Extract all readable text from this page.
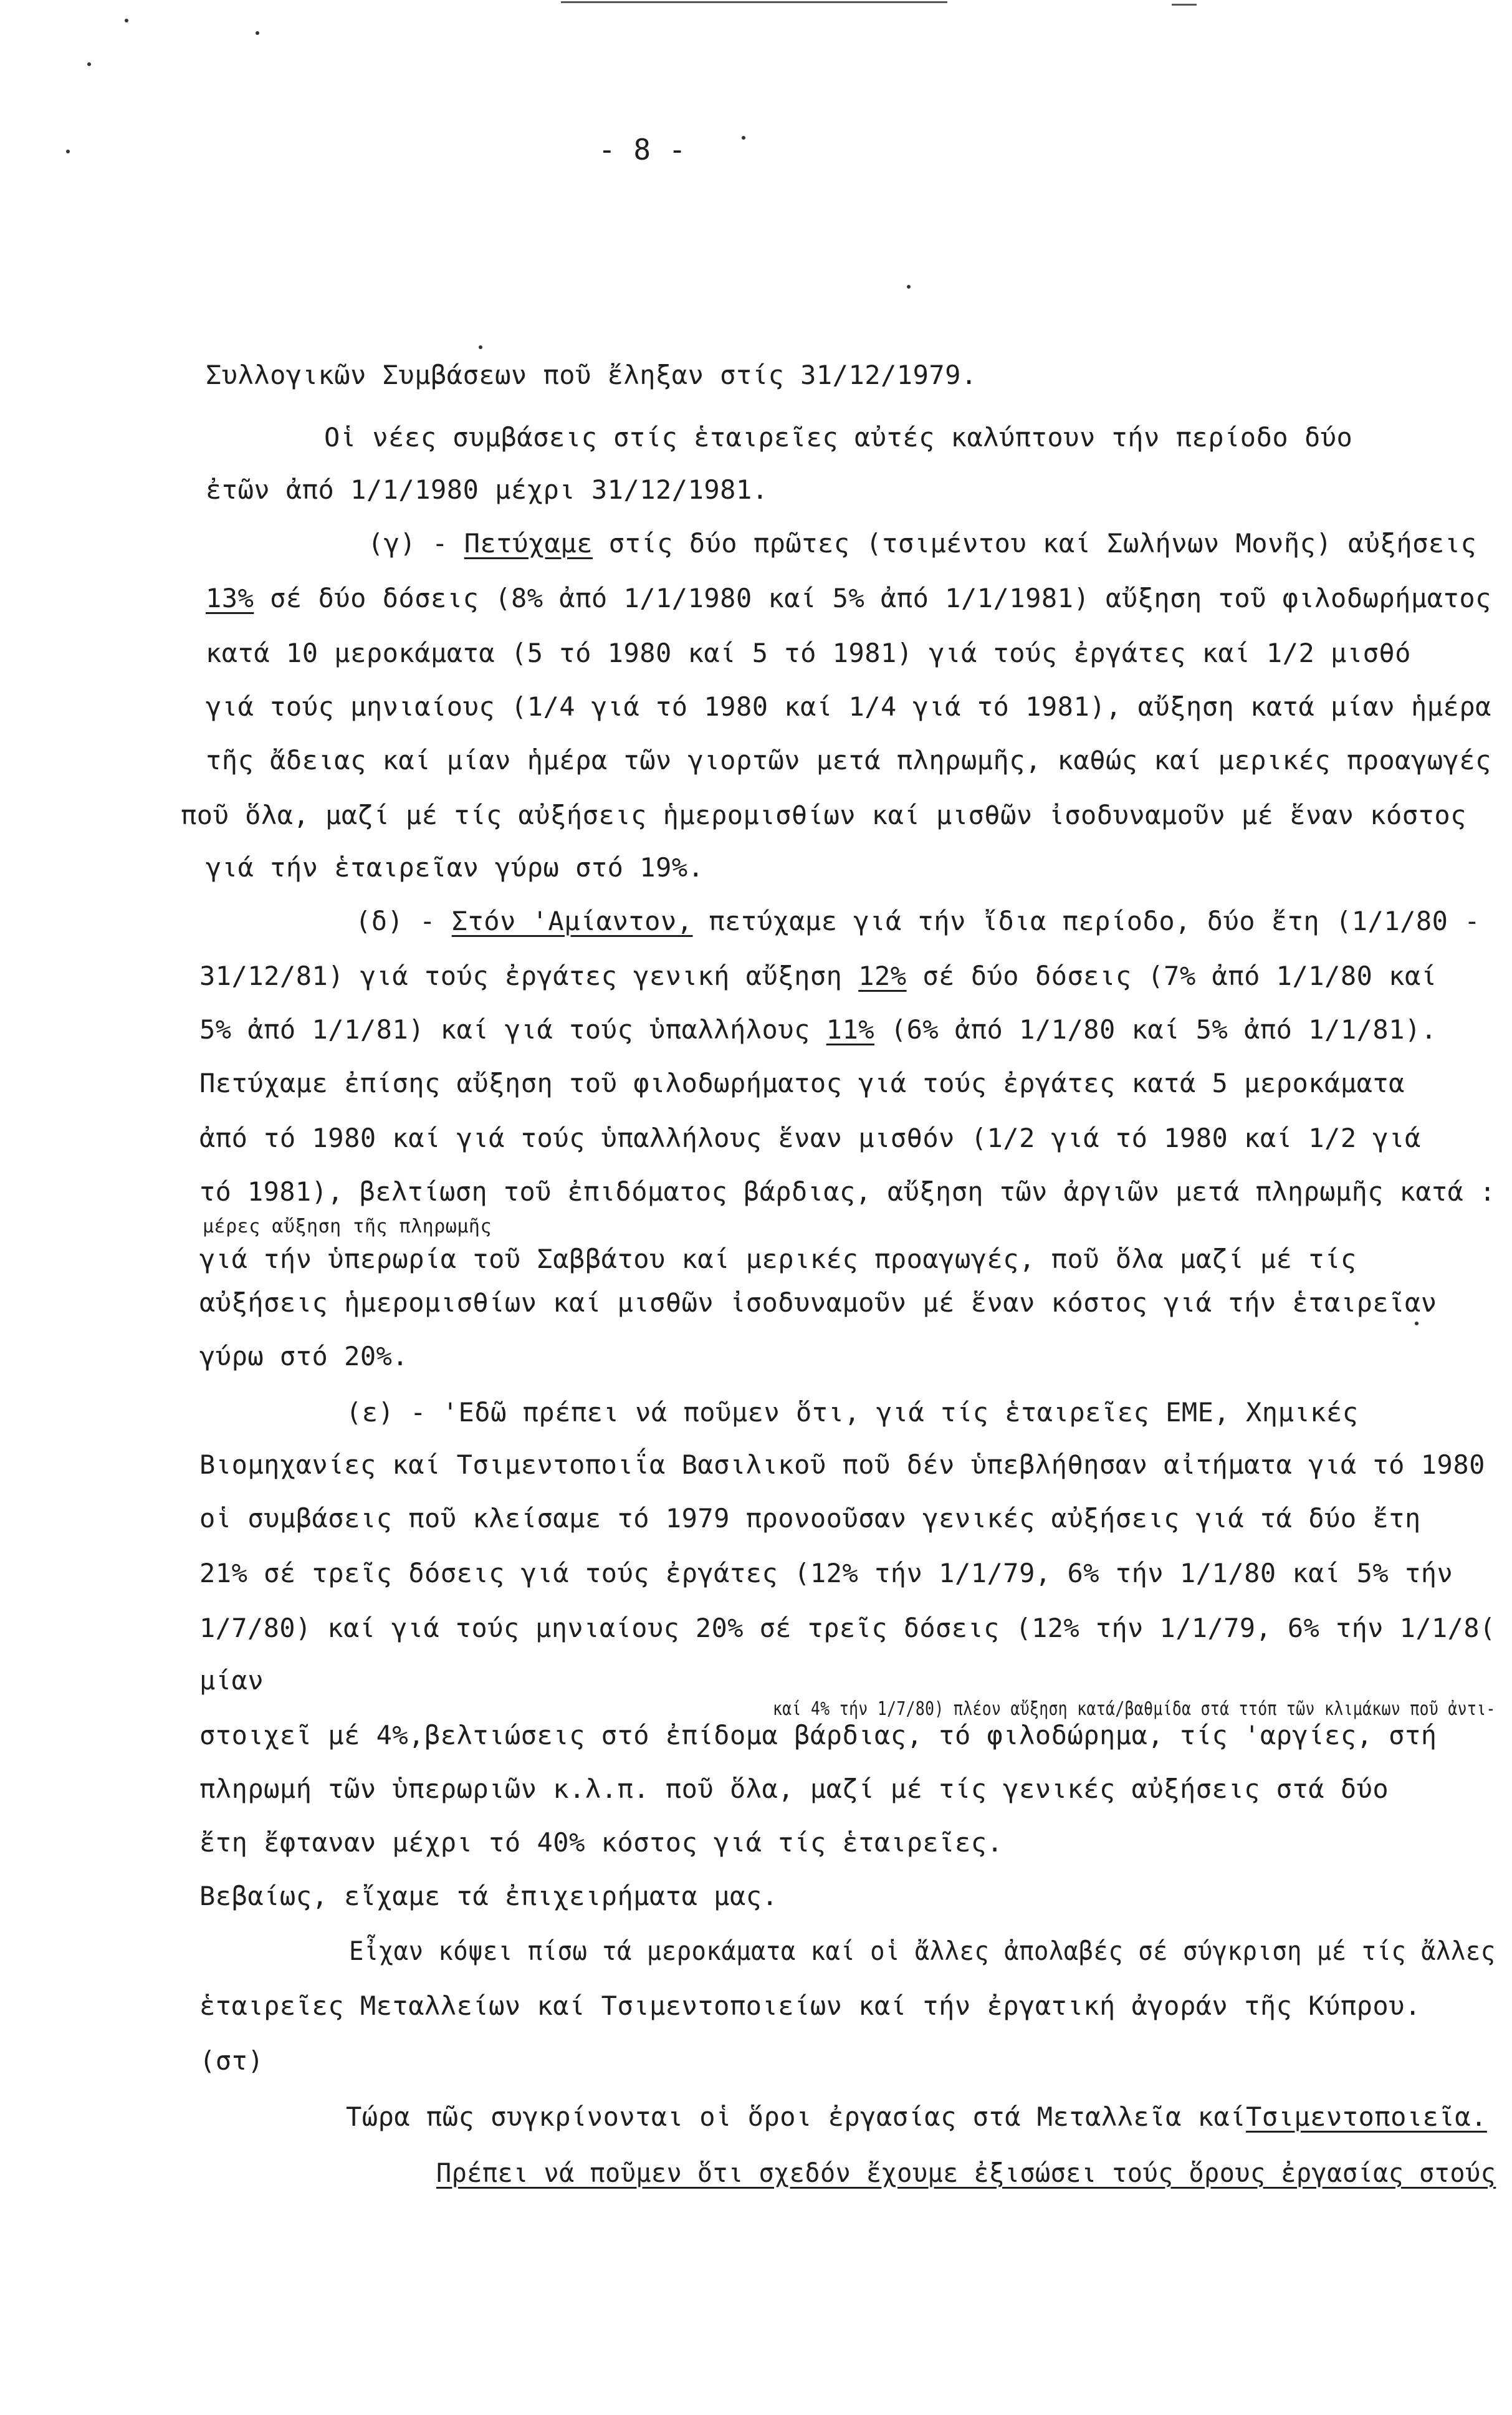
- 8 -
Συλλογικῶν Συμβάσεων ποῦ ἔληξαν στίς 31/12/1979.
Οἱ νέες συμβάσεις στίς ἑταιρεῖες αὐτές καλύπτουν τήν περίοδο δύο
ἐτῶν ἀπό 1/1/1980 μέχρι 31/12/1981.
(γ) - Πετύχαμε στίς δύο πρῶτες (τσιμέντου καί Σωλήνων Μονῆς) αὐξήσεις
13% σέ δύο δόσεις (8% ἀπό 1/1/1980 καί 5% ἀπό 1/1/1981) αὔξηση τοῦ φιλοδωρήματος
κατά 10 μεροκάματα (5 τό 1980 καί 5 τό 1981) γιά τούς ἐργάτες καί 1/2 μισθό
γιά τούς μηνιαίους (1/4 γιά τό 1980 καί 1/4 γιά τό 1981), αὔξηση κατά μίαν ἡμέρα
τῆς ἄδειας καί μίαν ἡμέρα τῶν γιορτῶν μετά πληρωμῆς, καθώς καί μερικές προαγωγές
ποῦ ὅλα, μαζί μέ τίς αὐξήσεις ἡμερομισθίων καί μισθῶν ἰσοδυναμοῦν μέ ἕναν κόστος
γιά τήν ἑταιρεῖαν γύρω στό 19%.
(δ) - Στόν 'Αμίαντον, πετύχαμε γιά τήν ἴδια περίοδο, δύο ἔτη (1/1/80 -
31/12/81) γιά τούς ἐργάτες γενική αὔξηση 12% σέ δύο δόσεις (7% ἀπό 1/1/80 καί
5% ἀπό 1/1/81) καί γιά τούς ὑπαλλήλους 11% (6% ἀπό 1/1/80 καί 5% ἀπό 1/1/81).
Πετύχαμε ἐπίσης αὔξηση τοῦ φιλοδωρήματος γιά τούς ἐργάτες κατά 5 μεροκάματα
ἀπό τό 1980 καί γιά τούς ὑπαλλήλους ἕναν μισθόν (1/2 γιά τό 1980 καί 1/2 γιά
τό 1981), βελτίωση τοῦ ἐπιδόματος βάρδιας, αὔξηση τῶν ἀργιῶν μετά πληρωμῆς κατά :
μέρες αὔξηση τῆς πληρωμῆς
γιά τήν ὑπερωρία τοῦ Σαββάτου καί μερικές προαγωγές, ποῦ ὅλα μαζί μέ τίς
αὐξήσεις ἡμερομισθίων καί μισθῶν ἰσοδυναμοῦν μέ ἕναν κόστος γιά τήν ἑταιρεῖαν
γύρω στό 20%.
(ε) - 'Εδῶ πρέπει νά ποῦμεν ὅτι, γιά τίς ἑταιρεῖες ΕΜΕ, Χημικές
Βιομηχανίες καί Τσιμεντοποιΐα Βασιλικοῦ ποῦ δέν ὑπεβλήθησαν αἰτήματα γιά τό 1980
οἱ συμβάσεις ποῦ κλείσαμε τό 1979 προνοοῦσαν γενικές αὐξήσεις γιά τά δύο ἔτη
21% σέ τρεῖς δόσεις γιά τούς ἐργάτες (12% τήν 1/1/79, 6% τήν 1/1/80 καί 5% τήν
1/7/80) καί γιά τούς μηνιαίους 20% σέ τρεῖς δόσεις (12% τήν 1/1/79, 6% τήν 1/1/8(
μίαν
καί 4% τήν 1/7/80) πλέον αὔξηση κατά/βαθμίδα στά ττόπ τῶν κλιμάκων ποῦ ἀντι-
στοιχεῖ μέ 4%,βελτιώσεις στό ἐπίδομα βάρδιας, τό φιλοδώρημα, τίς 'αργίες, στή
πληρωμή τῶν ὑπερωριῶν κ.λ.π. ποῦ ὅλα, μαζί μέ τίς γενικές αὐξήσεις στά δύο
ἔτη ἔφταναν μέχρι τό 40% κόστος γιά τίς ἑταιρεῖες.
Βεβαίως, εἴχαμε τά ἐπιχειρήματα μας.
Εἶχαν κόψει πίσω τά μεροκάματα καί οἱ ἄλλες ἀπολαβές σέ σύγκριση μέ τίς ἄλλες
ἑταιρεῖες Μεταλλείων καί Τσιμεντοποιείων καί τήν ἐργατική ἀγοράν τῆς Κύπρου.
(στ)
Τώρα πῶς συγκρίνονται οἱ ὅροι ἐργασίας στά Μεταλλεῖα καίΤσιμεντοποιεῖα.
Πρέπει νά ποῦμεν ὅτι σχεδόν ἔχουμε ἐξισώσει τούς ὅρους ἐργασίας στούς
